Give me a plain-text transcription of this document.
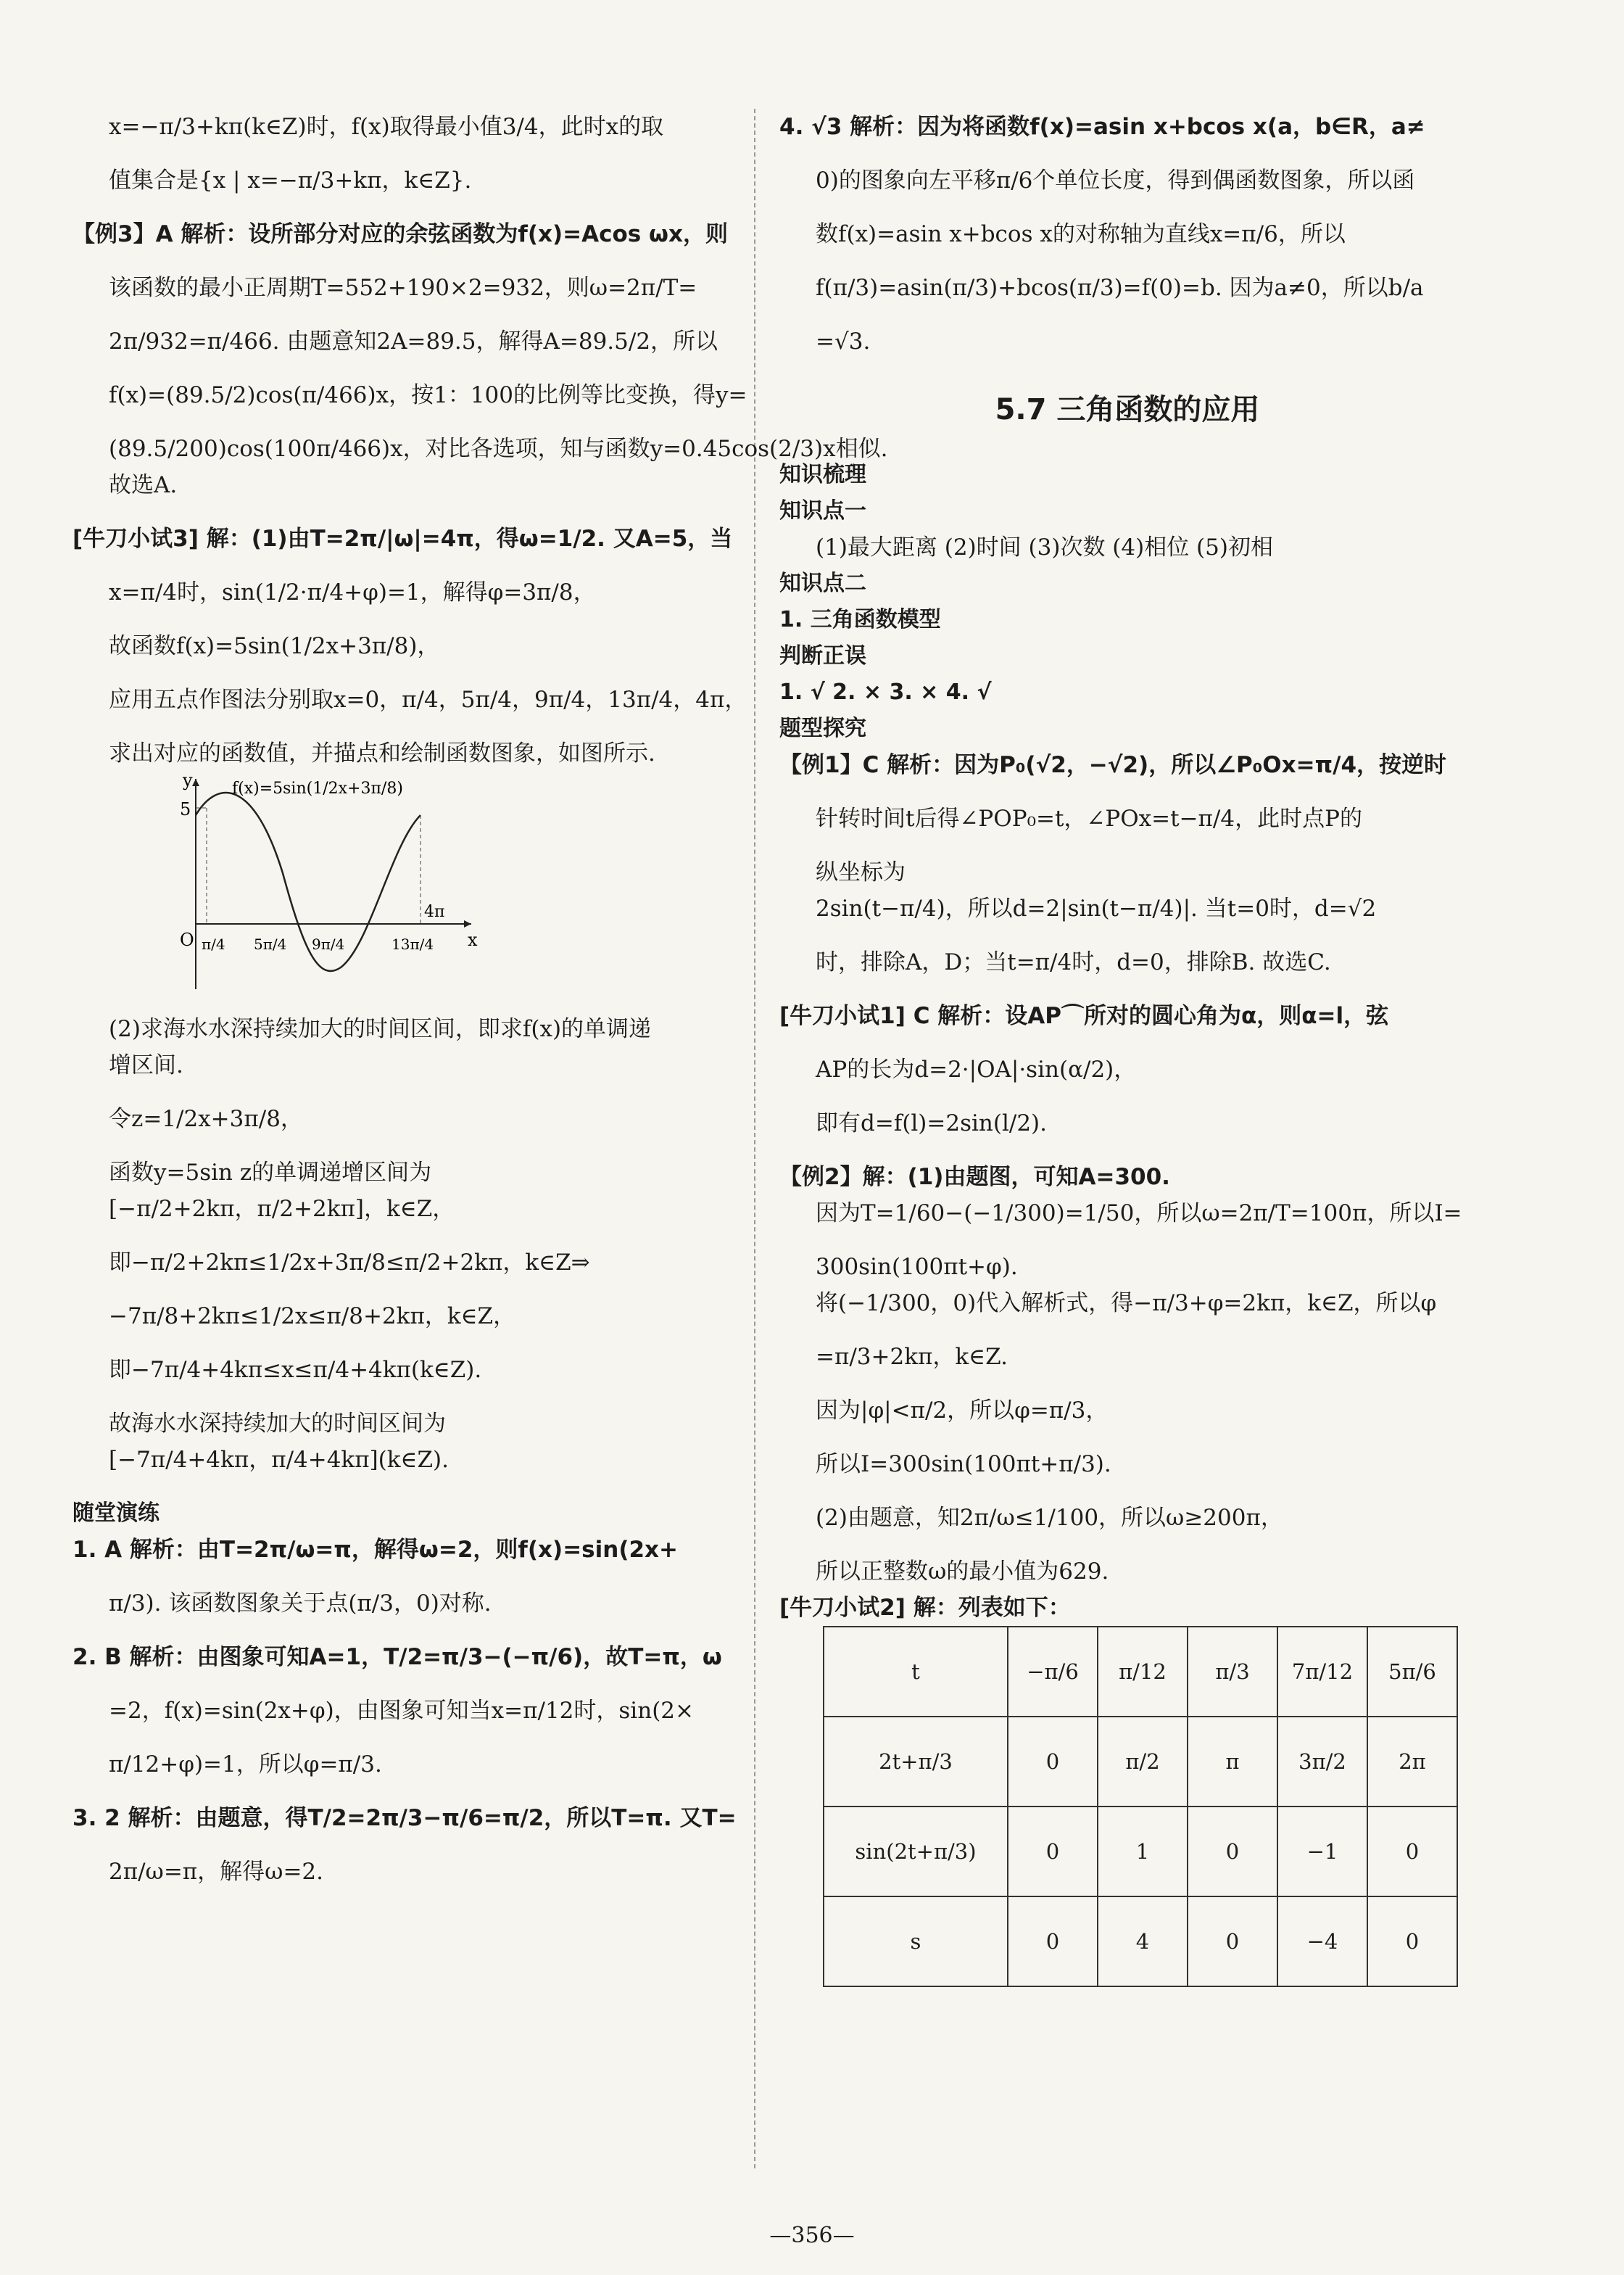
x=−π/3+kπ(k∈Z)时，f(x)取得最小值3/4，此时x的取
值集合是{x | x=−π/3+kπ，k∈Z}.
【例3】A 解析：设所部分对应的余弦函数为f(x)=Acos ωx，则
该函数的最小正周期T=552+190×2=932，则ω=2π/T=
2π/932=π/466. 由题意知2A=89.5，解得A=89.5/2，所以
f(x)=(89.5/2)cos(π/466)x，按1：100的比例等比变换，得y=
(89.5/200)cos(100π/466)x，对比各选项，知与函数y=0.45cos(2/3)x相似.
故选A.
[牛刀小试3] 解：(1)由T=2π/|ω|=4π，得ω=1/2. 又A=5，当
x=π/4时，sin(1/2·π/4+φ)=1，解得φ=3π/8，
故函数f(x)=5sin(1/2x+3π/8)，
应用五点作图法分别取x=0，π/4，5π/4，9π/4，13π/4，4π，
求出对应的函数值，并描点和绘制函数图象，如图所示.
y
5
f(x)=5sin(1/2x+3π/8)
O	x
π/4 5π/4 9π/4	13π/4
4π
(2)求海水水深持续加大的时间区间，即求f(x)的单调递
增区间.
令z=1/2x+3π/8，
函数y=5sin z的单调递增区间为
[−π/2+2kπ，π/2+2kπ]，k∈Z，
即−π/2+2kπ≤1/2x+3π/8≤π/2+2kπ，k∈Z⇒
−7π/8+2kπ≤1/2x≤π/8+2kπ，k∈Z，
即−7π/4+4kπ≤x≤π/4+4kπ(k∈Z).
故海水水深持续加大的时间区间为
[−7π/4+4kπ，π/4+4kπ](k∈Z).
随堂演练
1. A 解析：由T=2π/ω=π，解得ω=2，则f(x)=sin(2x+
π/3). 该函数图象关于点(π/3，0)对称.
2. B 解析：由图象可知A=1，T/2=π/3−(−π/6)，故T=π，ω
=2，f(x)=sin(2x+φ)，由图象可知当x=π/12时，sin(2×
π/12+φ)=1，所以φ=π/3.
3. 2 解析：由题意，得T/2=2π/3−π/6=π/2，所以T=π. 又T=
2π/ω=π，解得ω=2.
4. √3 解析：因为将函数f(x)=asin x+bcos x(a，b∈R，a≠
0)的图象向左平移π/6个单位长度，得到偶函数图象，所以函
数f(x)=asin x+bcos x的对称轴为直线x=π/6，所以
f(π/3)=asin(π/3)+bcos(π/3)=f(0)=b. 因为a≠0，所以b/a
=√3.
5.7 三角函数的应用
知识梳理
知识点一
(1)最大距离 (2)时间 (3)次数 (4)相位 (5)初相
知识点二
1. 三角函数模型
判断正误
1. √ 2. × 3. × 4. √
题型探究
【例1】C 解析：因为P₀(√2，−√2)，所以∠P₀Ox=π/4，按逆时
针转时间t后得∠POP₀=t，∠POx=t−π/4，此时点P的
纵坐标为
2sin(t−π/4)，所以d=2|sin(t−π/4)|. 当t=0时，d=√2
时，排除A，D；当t=π/4时，d=0，排除B. 故选C.
[牛刀小试1] C 解析：设AP⌒所对的圆心角为α，则α=l，弦
AP的长为d=2·|OA|·sin(α/2)，
即有d=f(l)=2sin(l/2).
【例2】解：(1)由题图，可知A=300.
因为T=1/60−(−1/300)=1/50，所以ω=2π/T=100π，所以I=
300sin(100πt+φ).
将(−1/300，0)代入解析式，得−π/3+φ=2kπ，k∈Z，所以φ
=π/3+2kπ，k∈Z.
因为|φ|<π/2，所以φ=π/3，
所以I=300sin(100πt+π/3).
(2)由题意，知2π/ω≤1/100，所以ω≥200π，
所以正整数ω的最小值为629.
[牛刀小试2] 解：列表如下：
t	−π/6	π/12	π/3	7π/12	5π/6
2t+π/3	0	π/2	π	3π/2	2π
sin(2t+π/3)	0	1	0	−1	0
s	0	4	0	−4	0
—356—
